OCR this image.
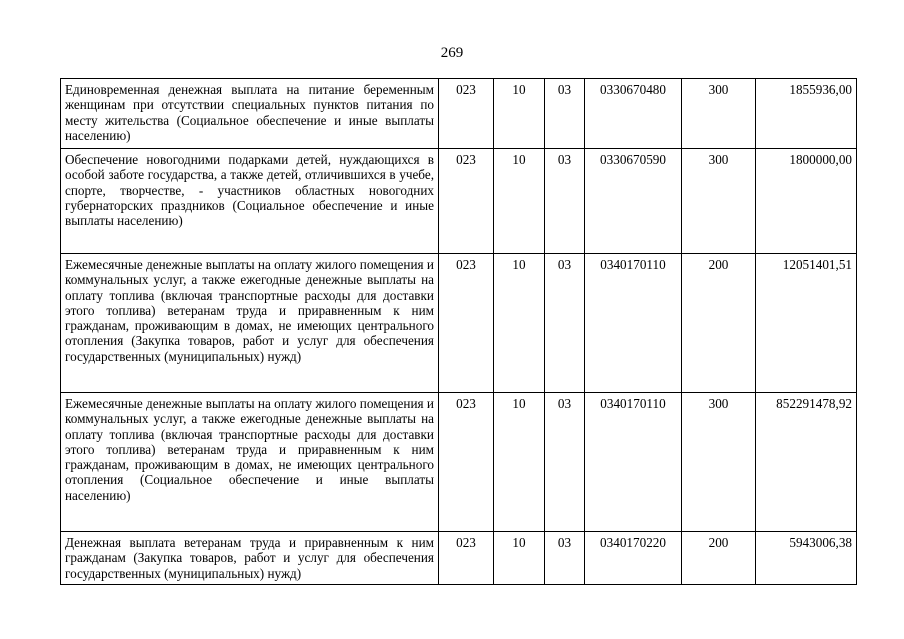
269
Единовременная денежная выплата на питание беременным женщинам при отсутствии специальных пунктов питания по месту жительства (Социальное обеспечение и иные выплаты населению)	023	10	03	0330670480	300	1855936,00
Обеспечение новогодними подарками детей, нуждающихся в особой заботе государства, а также детей, отличившихся в учебе, спорте, творчестве, - участников областных новогодних губернаторских праздников (Социальное обеспечение и иные выплаты населению)	023	10	03	0330670590	300	1800000,00
Ежемесячные денежные выплаты на оплату жилого помещения и коммунальных услуг, а также ежегодные денежные выплаты на оплату топлива (включая транспортные расходы для доставки этого топлива) ветеранам труда и приравненным к ним гражданам, проживающим в домах, не имеющих центрального отопления (Закупка товаров, работ и услуг для обеспечения государственных (муниципальных) нужд)	023	10	03	0340170110	200	12051401,51
Ежемесячные денежные выплаты на оплату жилого помещения и коммунальных услуг, а также ежегодные денежные выплаты на оплату топлива (включая транспортные расходы для доставки этого топлива) ветеранам труда и приравненным к ним гражданам, проживающим в домах, не имеющих центрального отопления (Социальное обеспечение и иные выплаты населению)	023	10	03	0340170110	300	852291478,92
Денежная выплата ветеранам труда и приравненным к ним гражданам (Закупка товаров, работ и услуг для обеспечения государственных (муниципальных) нужд)	023	10	03	0340170220	200	5943006,38
